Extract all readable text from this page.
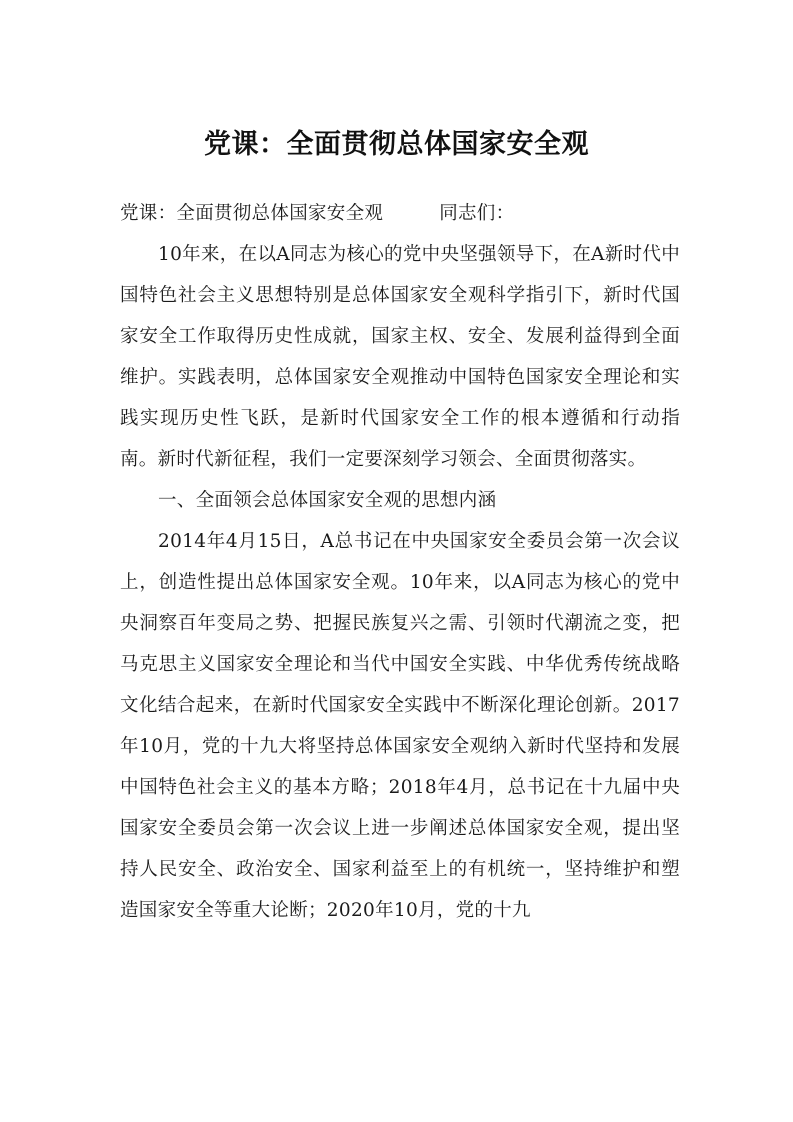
党课：全面贯彻总体国家安全观

党课：全面贯彻总体国家安全观	同志们：

10年来，在以A同志为核心的党中央坚强领导下，在A新时代中国特色社会主义思想特别是总体国家安全观科学指引下，新时代国家安全工作取得历史性成就，国家主权、安全、发展利益得到全面维护。实践表明，总体国家安全观推动中国特色国家安全理论和实践实现历史性飞跃，是新时代国家安全工作的根本遵循和行动指南。新时代新征程，我们一定要深刻学习领会、全面贯彻落实。

一、全面领会总体国家安全观的思想内涵

2014年4月15日，A总书记在中央国家安全委员会第一次会议上，创造性提出总体国家安全观。10年来，以A同志为核心的党中央洞察百年变局之势、把握民族复兴之需、引领时代潮流之变，把马克思主义国家安全理论和当代中国安全实践、中华优秀传统战略文化结合起来，在新时代国家安全实践中不断深化理论创新。2017年10月，党的十九大将坚持总体国家安全观纳入新时代坚持和发展中国特色社会主义的基本方略；2018年4月，总书记在十九届中央国家安全委员会第一次会议上进一步阐述总体国家安全观，提出坚持人民安全、政治安全、国家利益至上的有机统一，坚持维护和塑造国家安全等重大论断；2020年10月，党的十九
